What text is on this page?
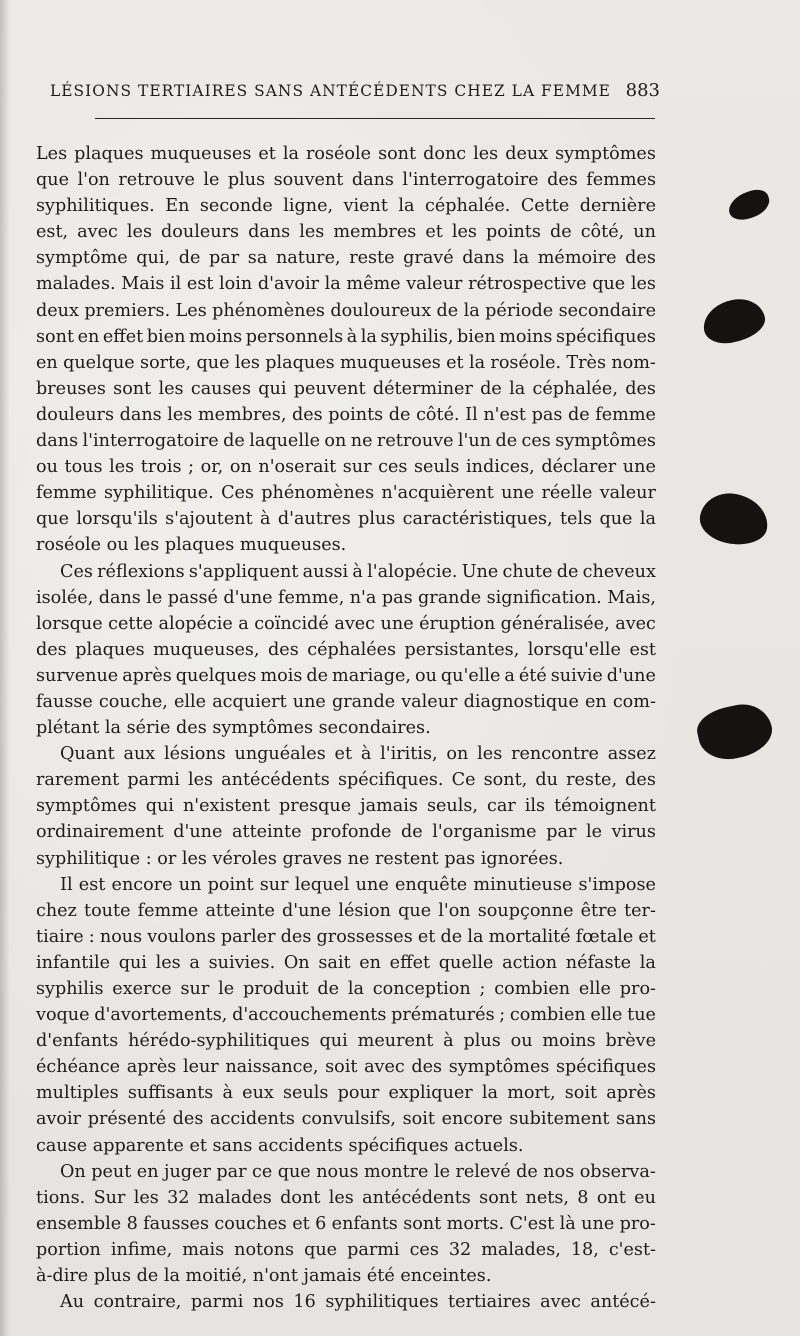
LÉSIONS TERTIAIRES SANS ANTÉCÉDENTS CHEZ LA FEMME 883
Les plaques muqueuses et la roséole sont donc les deux symptômes
que l'on retrouve le plus souvent dans l'interrogatoire des femmes
syphilitiques. En seconde ligne, vient la céphalée. Cette dernière
est, avec les douleurs dans les membres et les points de côté, un
symptôme qui, de par sa nature, reste gravé dans la mémoire des
malades. Mais il est loin d'avoir la même valeur rétrospective que les
deux premiers. Les phénomènes douloureux de la période secondaire
sont en effet bien moins personnels à la syphilis, bien moins spécifiques
en quelque sorte, que les plaques muqueuses et la roséole. Très nom-
breuses sont les causes qui peuvent déterminer de la céphalée, des
douleurs dans les membres, des points de côté. Il n'est pas de femme
dans l'interrogatoire de laquelle on ne retrouve l'un de ces symptômes
ou tous les trois ; or, on n'oserait sur ces seuls indices, déclarer une
femme syphilitique. Ces phénomènes n'acquièrent une réelle valeur
que lorsqu'ils s'ajoutent à d'autres plus caractéristiques, tels que la
roséole ou les plaques muqueuses.
Ces réflexions s'appliquent aussi à l'alopécie. Une chute de cheveux
isolée, dans le passé d'une femme, n'a pas grande signification. Mais,
lorsque cette alopécie a coïncidé avec une éruption généralisée, avec
des plaques muqueuses, des céphalées persistantes, lorsqu'elle est
survenue après quelques mois de mariage, ou qu'elle a été suivie d'une
fausse couche, elle acquiert une grande valeur diagnostique en com-
plétant la série des symptômes secondaires.
Quant aux lésions unguéales et à l'iritis, on les rencontre assez
rarement parmi les antécédents spécifiques. Ce sont, du reste, des
symptômes qui n'existent presque jamais seuls, car ils témoignent
ordinairement d'une atteinte profonde de l'organisme par le virus
syphilitique : or les véroles graves ne restent pas ignorées.
Il est encore un point sur lequel une enquête minutieuse s'impose
chez toute femme atteinte d'une lésion que l'on soupçonne être ter-
tiaire : nous voulons parler des grossesses et de la mortalité fœtale et
infantile qui les a suivies. On sait en effet quelle action néfaste la
syphilis exerce sur le produit de la conception ; combien elle pro-
voque d'avortements, d'accouchements prématurés ; combien elle tue
d'enfants hérédo-syphilitiques qui meurent à plus ou moins brève
échéance après leur naissance, soit avec des symptômes spécifiques
multiples suffisants à eux seuls pour expliquer la mort, soit après
avoir présenté des accidents convulsifs, soit encore subitement sans
cause apparente et sans accidents spécifiques actuels.
On peut en juger par ce que nous montre le relevé de nos observa-
tions. Sur les 32 malades dont les antécédents sont nets, 8 ont eu
ensemble 8 fausses couches et 6 enfants sont morts. C'est là une pro-
portion infime, mais notons que parmi ces 32 malades, 18, c'est-
à-dire plus de la moitié, n'ont jamais été enceintes.
Au contraire, parmi nos 16 syphilitiques tertiaires avec antécé-
